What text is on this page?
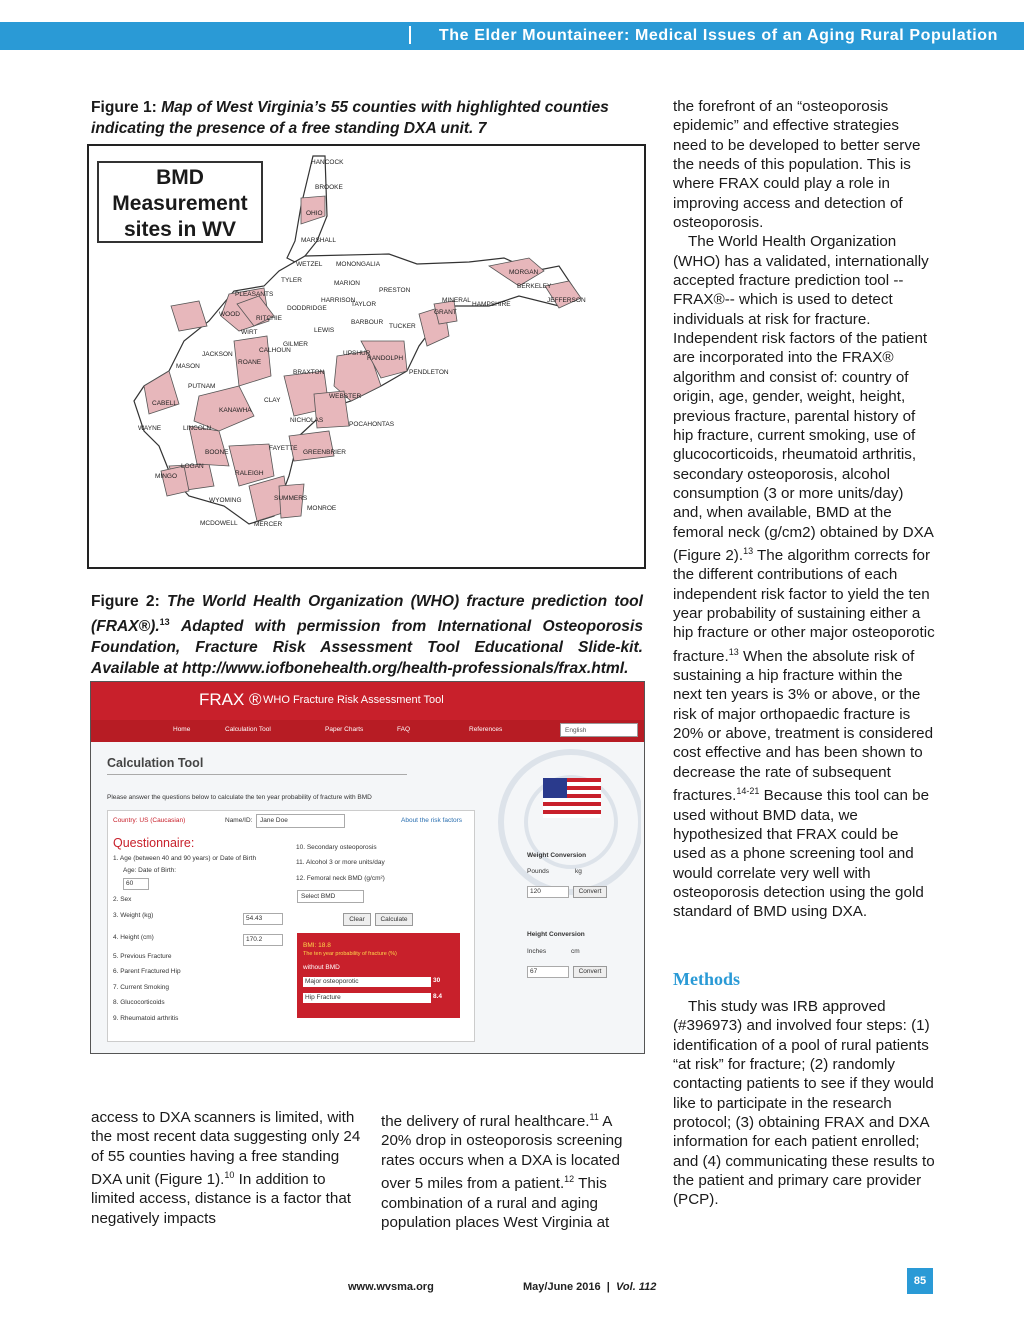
The Elder Mountaineer: Medical Issues of an Aging Rural Population
Figure 1: Map of West Virginia’s 55 counties with highlighted counties indicating the presence of a free standing DXA unit. 7
BMD
Measurement
sites in WV
HANCOCK
BROOKE
OHIO
MARSHALL
WETZEL MONONGALIA
TYLER	MARION
PRESTON
PLEASANTS
HARRISON
TAYLOR
MINERAL
HAMPSHIRE
MORGAN
BERKELEY
JEFFERSON
WOOD
DODDRIDGE
BARBOUR
TUCKER
GRANT
RITCHIE
WIRT	LEWIS
GILMER
UPSHUR
RANDOLPH
JACKSON
CALHOUN
ROANE
MASON
BRAXTON	PENDLETON
PUTNAM
CLAY
WEBSTER
CABELL
KANAWHA
NICHOLAS
POCAHONTAS
WAYNE	LINCOLN
FAYETTE
BOONE	GREENBRIER
LOGAN
MINGO	RALEIGH
WYOMING	SUMMERS
MONROE
MCDOWELL	MERCER
Figure 2: The World Health Organization (WHO) fracture prediction tool (FRAX®).$^{13}$ Adapted with permission from International Osteoporosis Foundation, Fracture Risk Assessment Tool Educational Slide-kit. Available at http://www.iofbonehealth.org/health-professionals/frax.html.
FRAX ® WHO Fracture Risk Assessment Tool
Home	Calculation Tool	Paper Charts	FAQ	References	English
Calculation Tool
Please answer the questions below to calculate the ten year probability of fracture with BMD
Country: US (Caucasian)	Name/ID:	Jane Doe	About the risk factors
Questionnaire:
1. Age (between 40 and 90 years) or Date of Birth
Age: Date of Birth:
60
2. Sex
3. Weight (kg)	54.43
4. Height (cm)	170.2
5. Previous Fracture
6. Parent Fractured Hip
7. Current Smoking
8. Glucocorticoids
9. Rheumatoid arthritis
10. Secondary osteoporosis
11. Alcohol 3 or more units/day
12. Femoral neck BMD (g/cm²)
Select BMD
Clear	Calculate
BMI: 18.8
The ten year probability of fracture (%)
without BMD
Major osteoporotic	30
Hip Fracture	8.4
Weight Conversion
Pounds	kg
120	Convert
Height Conversion
Inches	cm
67	Convert
access to DXA scanners is limited, with the most recent data suggesting only 24 of 55 counties having a free standing DXA unit (Figure 1).$^{10}$ In addition to limited access, distance is a factor that negatively impacts
the delivery of rural healthcare.$^{11}$ A 20% drop in osteoporosis screening rates occurs when a DXA is located over 5 miles from a patient.$^{12}$ This combination of a rural and aging population places West Virginia at
the forefront of an “osteoporosis epidemic” and effective strategies need to be developed to better serve the needs of this population. This is where FRAX could play a role in improving access and detection of osteoporosis.
The World Health Organization (WHO) has a validated, internationally accepted fracture prediction tool -- FRAX®-- which is used to detect individuals at risk for fracture. Independent risk factors of the patient are incorporated into the FRAX® algorithm and consist of: country of origin, age, gender, weight, height, previous fracture, parental history of hip fracture, current smoking, use of glucocorticoids, rheumatoid arthritis, secondary osteoporosis, alcohol consumption (3 or more units/day) and, when available, BMD at the femoral neck (g/cm2) obtained by DXA (Figure 2).$^{13}$ The algorithm corrects for the different contributions of each independent risk factor to yield the ten year probability of sustaining either a hip fracture or other major osteoporotic fracture.$^{13}$ When the absolute risk of sustaining a hip fracture within the next ten years is 3% or above, or the risk of major orthopaedic fracture is 20% or above, treatment is considered cost effective and has been shown to decrease the rate of subsequent fractures.$^{14-21}$ Because this tool can be used without BMD data, we hypothesized that FRAX could be used as a phone screening tool and would correlate very well with osteoporosis detection using the gold standard of BMD using DXA.
Methods
This study was IRB approved (#396973) and involved four steps: (1) identification of a pool of rural patients “at risk” for fracture; (2) randomly contacting patients to see if they would like to participate in the research protocol; (3) obtaining FRAX and DXA information for each patient enrolled; and (4) communicating these results to the patient and primary care provider (PCP).
www.wvsma.org	May/June 2016 | Vol. 112	85
